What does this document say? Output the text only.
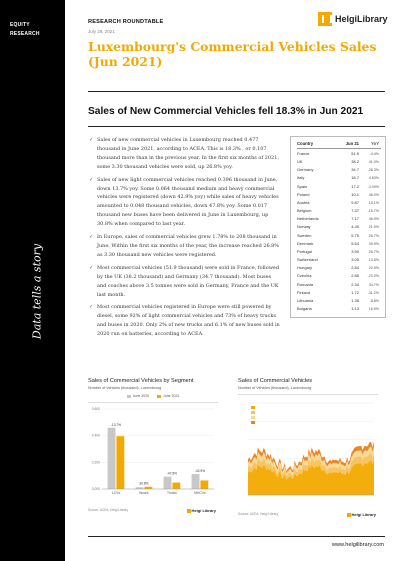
EQUITY
RESEARCH
Data tells a story
RESEARCH ROUNDTABLE
July 28, 2021
HelgiLibrary
Luxembourg's Commercial Vehicles Sales (Jun 2021)
Sales of New Commercial Vehicles fell 18.3% in Jun 2021
✓ Sales of new commercial vehicles in Luxembourg reached 0.477 thousand in June 2021, according to ACEA. This is 18.3% , or 0.107 thousand more than in the previous year. In the first six months of 2021, some 3.30 thousand vehicles were sold, up 26.8% yoy.
✓ Sales of new light commercial vehicles reached 0.396 thousand in June, down 13.7% yoy. Some 0.064 thousand medium and heavy commercial vehicles were registered (down 42.9% yoy) while sales of heavy vehicles amounted to 0.048 thousand vehicles, down 47.8% yoy. Some 0.017 thousand new buses have been delivered in June in Luxembourg, up 30.8% when compared to last year.
✓ In Europe, sales of commercial vehicles grew 1.78% to 208 thousand in June. Within the first six months of the year, the increase reached 26.8% as 3.30 thousand new vehicles were registered.
✓ Most commercial vehicles (51.9 thousand) were sold in France, followed by the UK (38.2 thousand) and Germany (34.7 thousand). Most buses and coaches above 3.5 tonnes were sold in Germany, France and the UK last month.
✓ Most commercial vehicles registered in Europe were still powered by diesel, some 92% of light commercial vehicles and 73% of heavy trucks and buses in 2020. Only 2% of new trucks and 6.1% of new buses sold in 2020 run on batteries, according to ACEA.
Country	Jun 21	YoY
France	51.9	-4.4%
UK	38.2	41.0%
Germany	34.7	-26.3%
Italy	18.7	4.63%
Spain	17.2	-3.09%
Poland	10.1	46.0%
Austria	9.87	15.1%
Belgium	7.37	-15.7%
Netherlands	7.17	46.9%
Norway	4.45	21.9%
Sweden	5.75	26.7%
Denmark	5.64	39.9%
Portugal	3.90	26.7%
Switzerland	3.05	13.5%
Hungary	2.84	20.9%
Czechia	2.85	-23.0%
Romania	2.34	34.7%
Finland	1.72	-31.2%
Lithuania	1.36	118%
Bulgaria	1.13	16.9%
Sales of Commercial Vehicles by Segment
Number of Vehicles (thousand), Luxembourg
June 2020	June 2021
0.000
0.200
0.400
0.600
-13.7%
LCVs
30.8%
Buses
-47.8%
Trucks
-42.9%
MHCVs
Source: ACEA, Helgi Library	Helgi Library
Sales of Commercial Vehicles
Number of Vehicles (thousand), Luxembourg
Source: ACEA, Helgi Library	Helgi Library
www.helgilibrary.com
